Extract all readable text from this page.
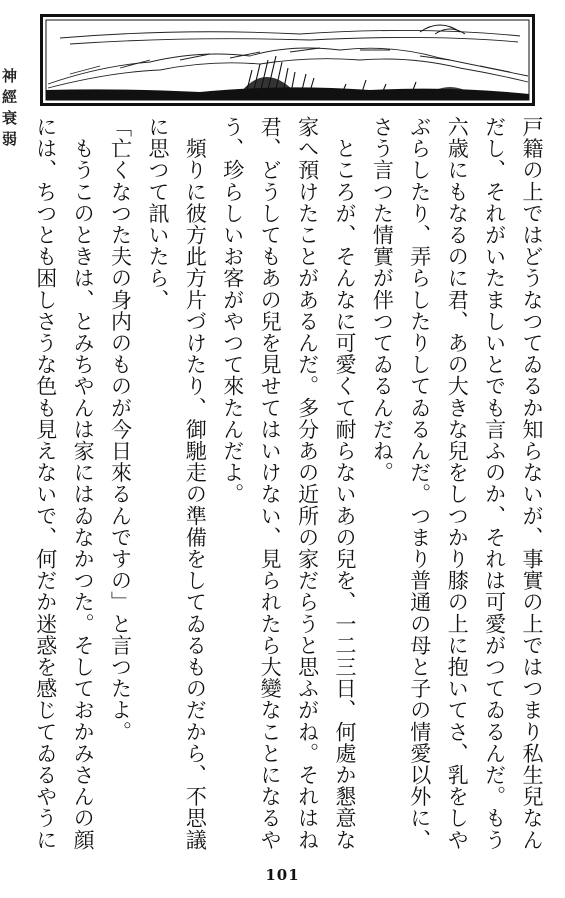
神經衰弱

戸籍の上ではどうなつてゐるか知らないが、事實の上ではつまり私生兒なんだし、それがいたましいとでも言ふのか、それは可愛がつてゐるんだ。もう六歳にもなるのに君、あの大きな兒をしつかり膝の上に抱いてさ、乳をしやぶらしたり、弄らしたりしてゐるんだ。つまり普通の母と子の情愛以外に、さう言つた情實が伴つてゐるんだね。

　ところが、そんなに可愛くて耐らないあの兒を、一二三日、何處か懇意な家へ預けたことがあるんだ。多分あの近所の家だらうと思ふがね。それはね君、どうしてもあの兒を見せてはいけない、見られたら大變なことになるやう、珍らしいお客がやつて來たんだよ。

　頻りに彼方此方片づけたり、御馳走の準備をしてゐるものだから、不思議に思つて訊いたら、

「亡くなつた夫の身内のものが今日來るんですの」と言つたよ。

　もうこのときは、とみちやんは家にはゐなかつた。そしておかみさんの顔には、ちつとも困しさうな色も見えないで、何だか迷惑を感じてゐるやうに

101
